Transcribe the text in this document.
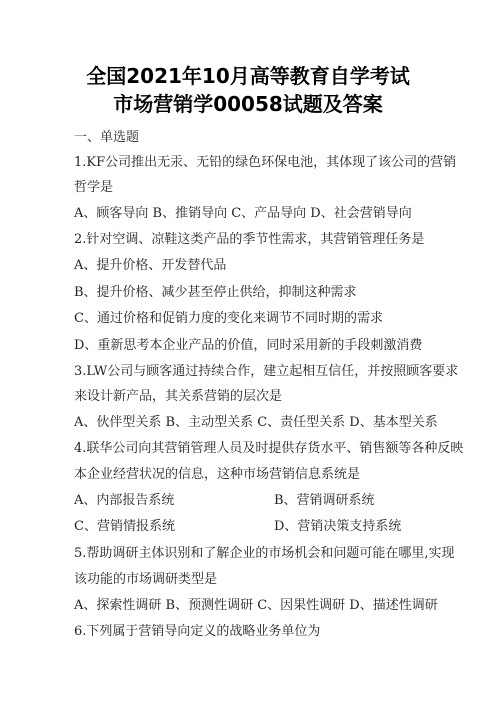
全国2021年10月高等教育自学考试
市场营销学00058试题及答案
一、单选题
1.KF公司推出无汞、无铅的绿色环保电池，其体现了该公司的营销
哲学是
A、顾客导向 B、推销导向 C、产品导向 D、社会营销导向
2.针对空调、凉鞋这类产品的季节性需求，其营销管理任务是
A、提升价格、开发替代品
B、提升价格、减少甚至停止供给，抑制这种需求
C、通过价格和促销力度的变化来调节不同时期的需求
D、重新思考本企业产品的价值，同时采用新的手段刺激消费
3.LW公司与顾客通过持续合作，建立起相互信任，并按照顾客要求
来设计新产品，其关系营销的层次是
A、伙伴型关系 B、主动型关系 C、责任型关系 D、基本型关系
4.联华公司向其营销管理人员及时提供存货水平、销售额等各种反映
本企业经营状况的信息，这种市场营销信息系统是
A、内部报告系统	B、营销调研系统
C、营销情报系统	D、营销决策支持系统
5.帮助调研主体识别和了解企业的市场机会和问题可能在哪里,实现
该功能的市场调研类型是
A、探索性调研 B、预测性调研 C、因果性调研 D、描述性调研
6.下列属于营销导向定义的战略业务单位为
